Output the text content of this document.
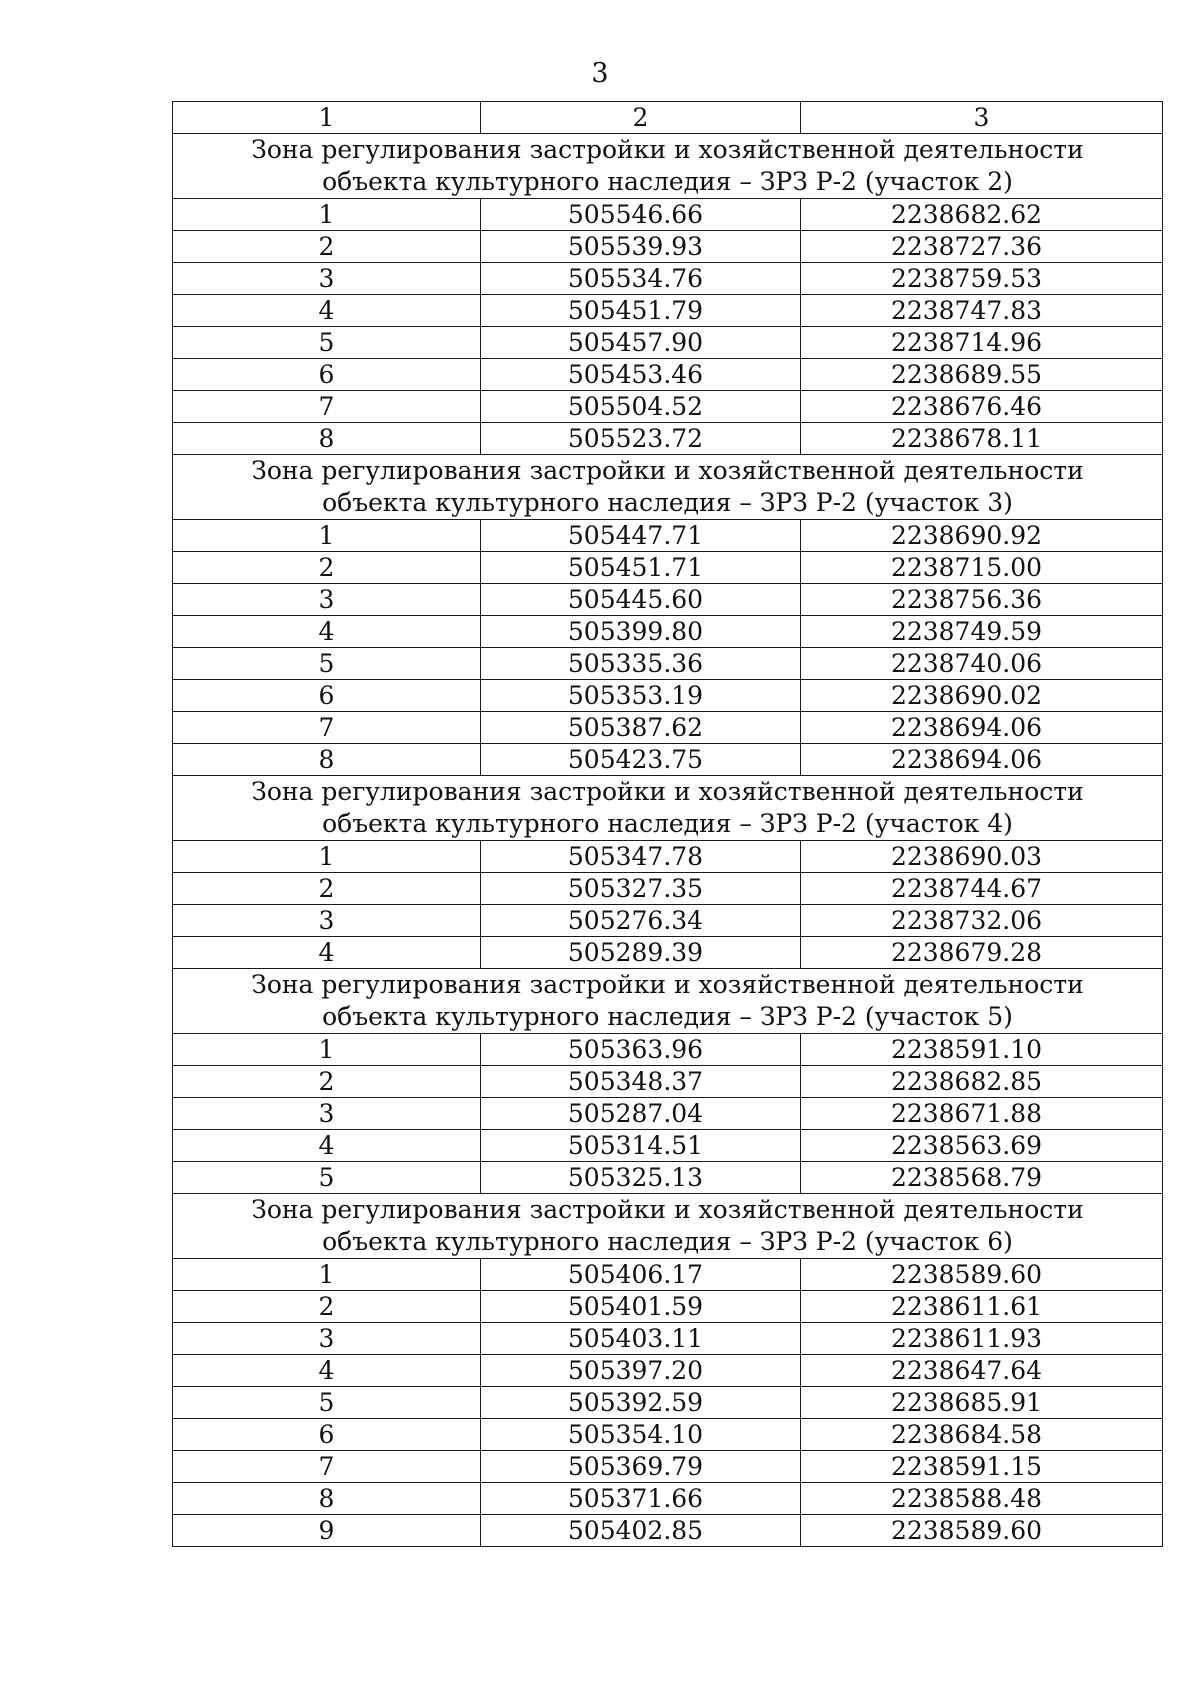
3
1	2	3

Зона регулирования застройки и хозяйственной деятельности
объекта культурного наследия – ЗРЗ Р-2 (участок 2)		

1	505546.66	2238682.62
2	505539.93	2238727.36
3	505534.76	2238759.53
4	505451.79	2238747.83
5	505457.90	2238714.96
6	505453.46	2238689.55
7	505504.52	2238676.46
8	505523.72	2238678.11

Зона регулирования застройки и хозяйственной деятельности
объекта культурного наследия – ЗРЗ Р-2 (участок 3)		

1	505447.71	2238690.92
2	505451.71	2238715.00
3	505445.60	2238756.36
4	505399.80	2238749.59
5	505335.36	2238740.06
6	505353.19	2238690.02
7	505387.62	2238694.06
8	505423.75	2238694.06

Зона регулирования застройки и хозяйственной деятельности
объекта культурного наследия – ЗРЗ Р-2 (участок 4)		

1	505347.78	2238690.03
2	505327.35	2238744.67
3	505276.34	2238732.06
4	505289.39	2238679.28

Зона регулирования застройки и хозяйственной деятельности
объекта культурного наследия – ЗРЗ Р-2 (участок 5)		

1	505363.96	2238591.10
2	505348.37	2238682.85
3	505287.04	2238671.88
4	505314.51	2238563.69
5	505325.13	2238568.79

Зона регулирования застройки и хозяйственной деятельности
объекта культурного наследия – ЗРЗ Р-2 (участок 6)		

1	505406.17	2238589.60
2	505401.59	2238611.61
3	505403.11	2238611.93
4	505397.20	2238647.64
5	505392.59	2238685.91
6	505354.10	2238684.58
7	505369.79	2238591.15
8	505371.66	2238588.48
9	505402.85	2238589.60
